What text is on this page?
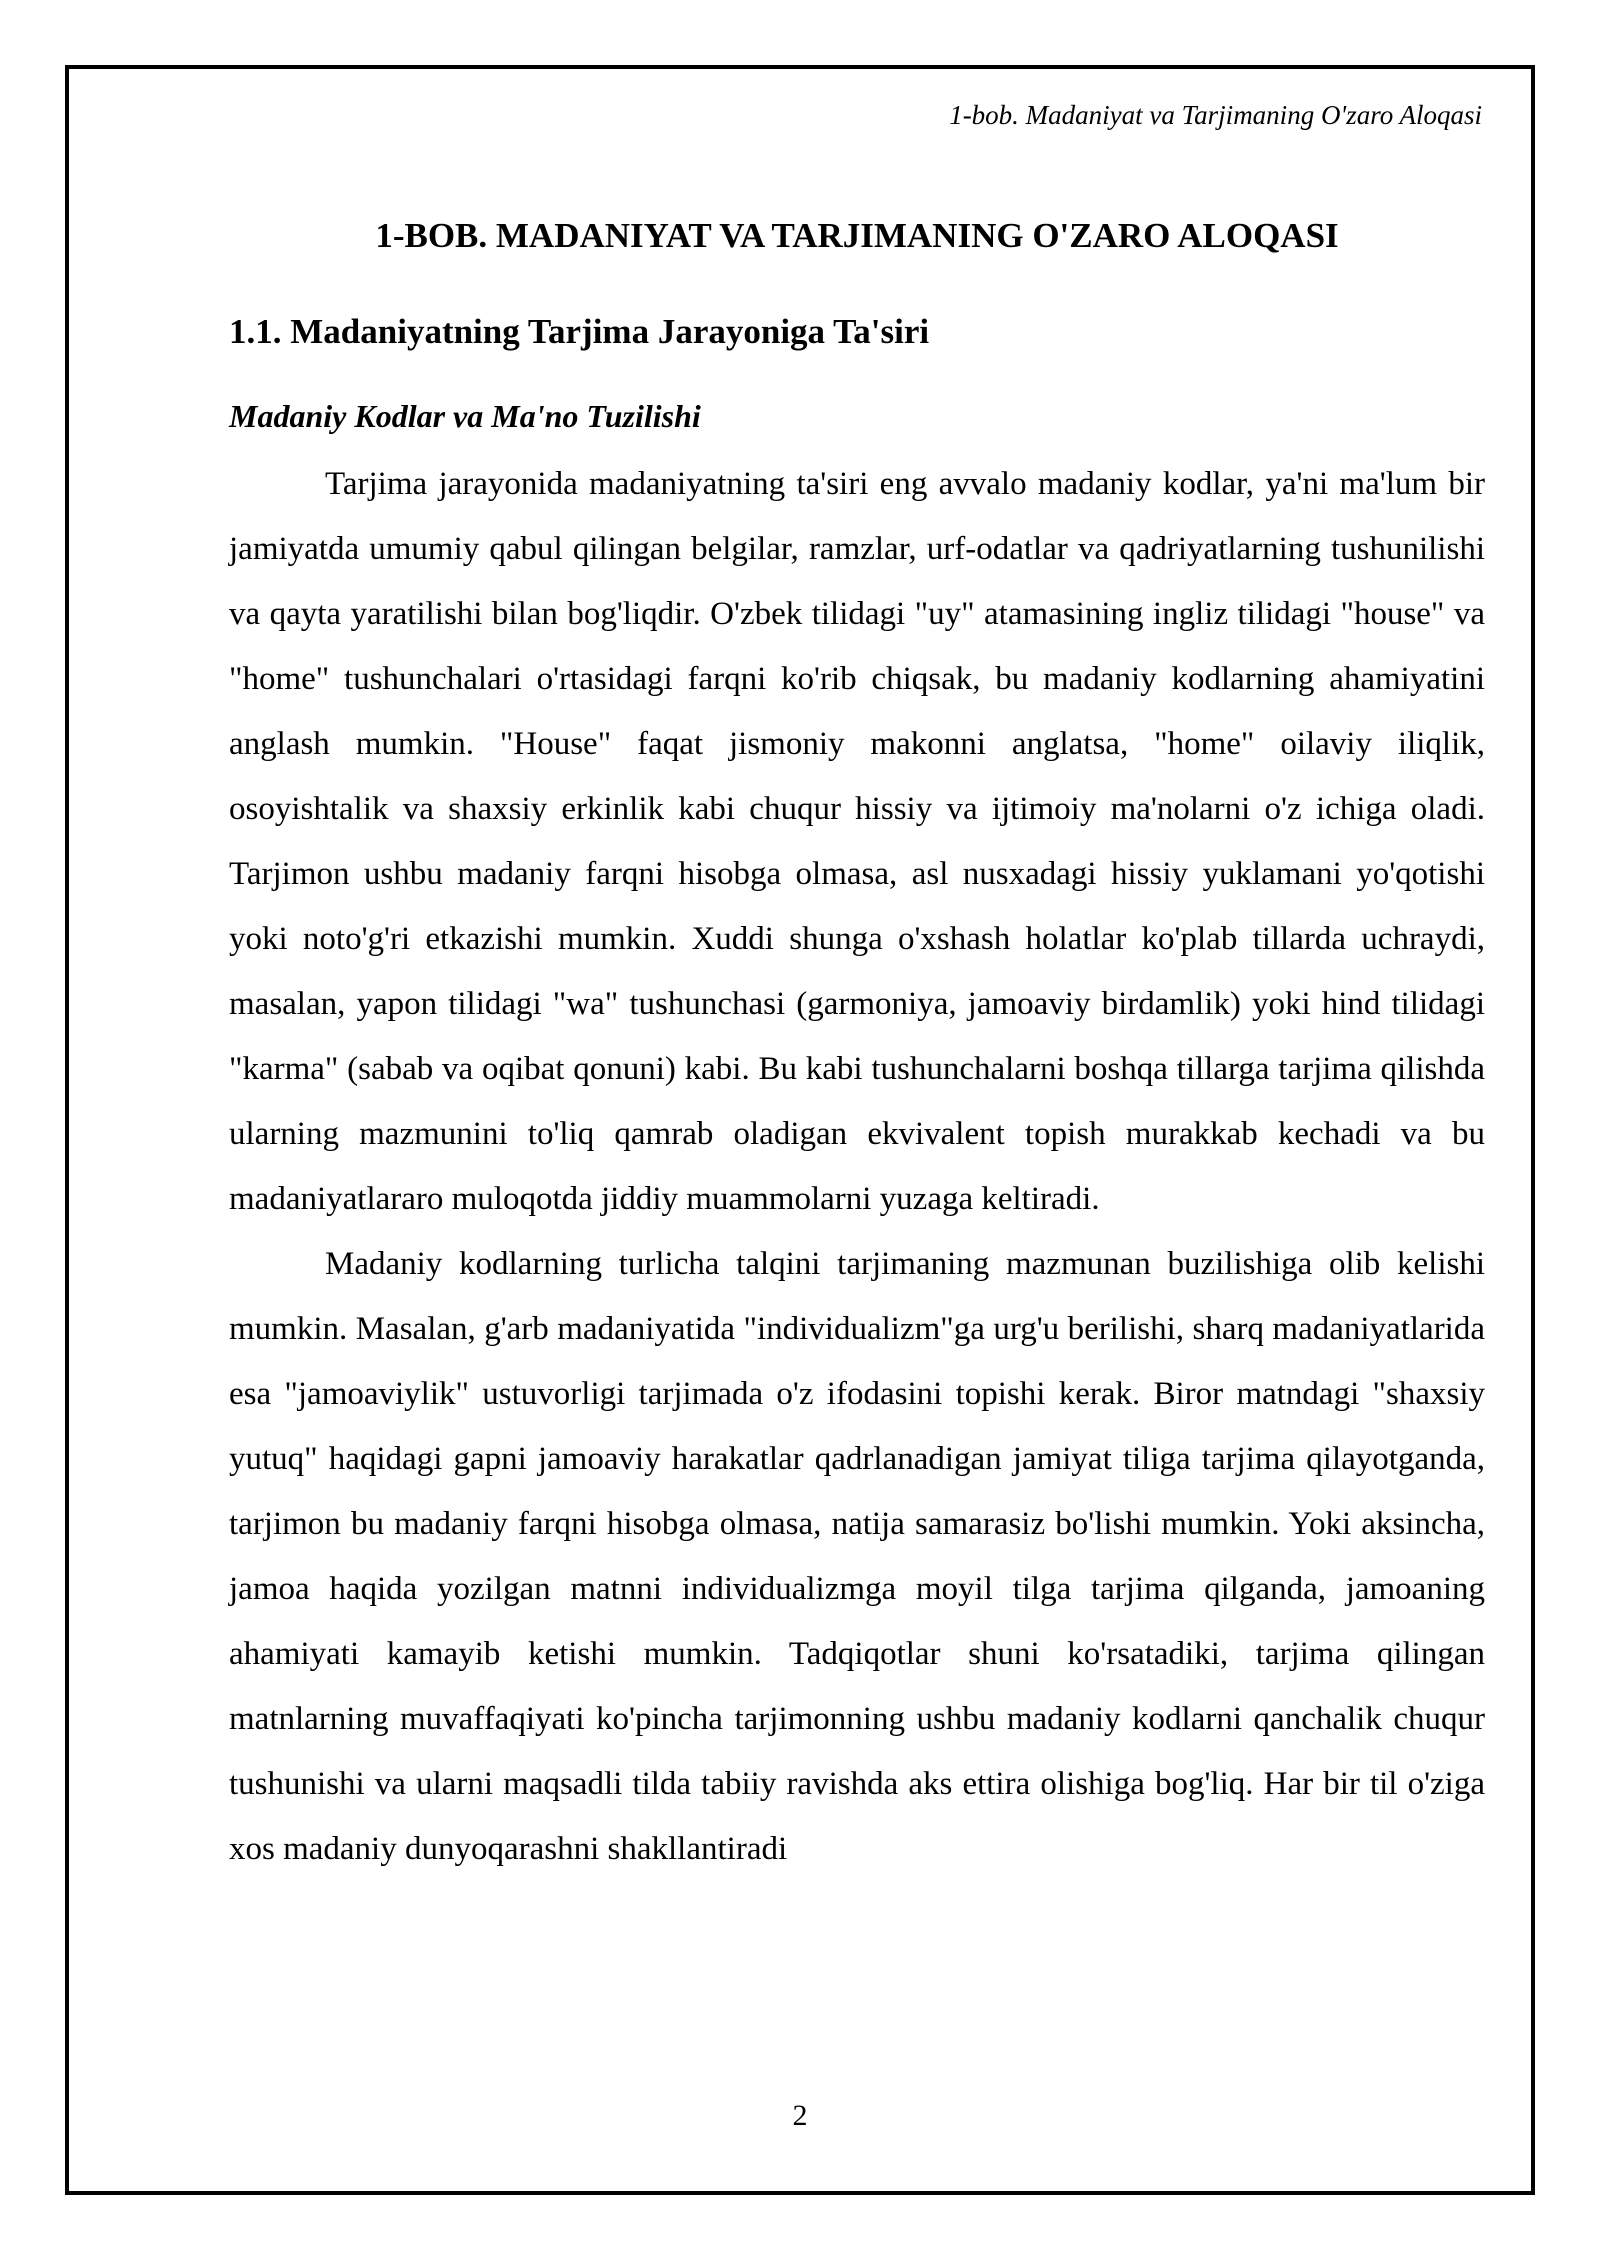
1-bob. Madaniyat va Tarjimaning O'zaro Aloqasi
1-BOB. MADANIYAT VA TARJIMANING O'ZARO ALOQASI
1.1. Madaniyatning Tarjima Jarayoniga Ta'siri
Madaniy Kodlar va Ma'no Tuzilishi

Tarjima jarayonida madaniyatning ta'siri eng avvalo madaniy kodlar, ya'ni ma'lum bir jamiyatda umumiy qabul qilingan belgilar, ramzlar, urf-odatlar va qadriyatlarning tushunilishi va qayta yaratilishi bilan bog'liqdir. O'zbek tilidagi "uy" atamasining ingliz tilidagi "house" va "home" tushunchalari o'rtasidagi farqni ko'rib chiqsak, bu madaniy kodlarning ahamiyatini anglash mumkin. "House" faqat jismoniy makonni anglatsa, "home" oilaviy iliqlik, osoyishtalik va shaxsiy erkinlik kabi chuqur hissiy va ijtimoiy ma'nolarni o'z ichiga oladi. Tarjimon ushbu madaniy farqni hisobga olmasa, asl nusxadagi hissiy yuklamani yo'qotishi yoki noto'g'ri etkazishi mumkin. Xuddi shunga o'xshash holatlar ko'plab tillarda uchraydi, masalan, yapon tilidagi "wa" tushunchasi (garmoniya, jamoaviy birdamlik) yoki hind tilidagi "karma" (sabab va oqibat qonuni) kabi. Bu kabi tushunchalarni boshqa tillarga tarjima qilishda ularning mazmunini to'liq qamrab oladigan ekvivalent topish murakkab kechadi va bu madaniyatlararo muloqotda jiddiy muammolarni yuzaga keltiradi.

Madaniy kodlarning turlicha talqini tarjimaning mazmunan buzilishiga olib kelishi mumkin. Masalan, g'arb madaniyatida "individualizm"ga urg'u berilishi, sharq madaniyatlarida esa "jamoaviylik" ustuvorligi tarjimada o'z ifodasini topishi kerak. Biror matndagi "shaxsiy yutuq" haqidagi gapni jamoaviy harakatlar qadrlanadigan jamiyat tiliga tarjima qilayotganda, tarjimon bu madaniy farqni hisobga olmasa, natija samarasiz bo'lishi mumkin. Yoki aksincha, jamoa haqida yozilgan matnni individualizmga moyil tilga tarjima qilganda, jamoaning ahamiyati kamayib ketishi mumkin. Tadqiqotlar shuni ko'rsatadiki, tarjima qilingan matnlarning muvaffaqiyati ko'pincha tarjimonning ushbu madaniy kodlarni qanchalik chuqur tushunishi va ularni maqsadli tilda tabiiy ravishda aks ettira olishiga bog'liq. Har bir til o'ziga xos madaniy dunyoqarashni shakllantiradi

2
